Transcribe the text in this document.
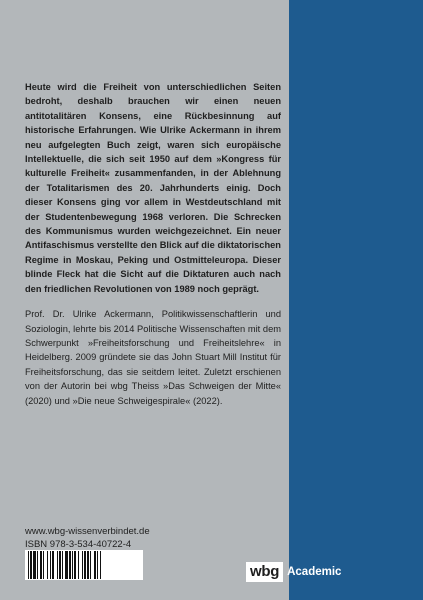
Heute wird die Freiheit von unterschiedlichen Seiten bedroht, deshalb brauchen wir einen neuen antitotalitären Konsens, eine Rückbesinnung auf historische Erfahrungen. Wie Ulrike Ackermann in ihrem neu aufgelegten Buch zeigt, waren sich europäische Intellektuelle, die sich seit 1950 auf dem »Kongress für kulturelle Freiheit« zusammenfanden, in der Ablehnung der Totalitarismen des 20. Jahrhunderts einig. Doch dieser Konsens ging vor allem in Westdeutschland mit der Studentenbewegung 1968 verloren. Die Schrecken des Kommunismus wurden weichgezeichnet. Ein neuer Antifaschismus verstellte den Blick auf die diktatorischen Regime in Moskau, Peking und Ostmitteleuropa. Dieser blinde Fleck hat die Sicht auf die Diktaturen auch nach den friedlichen Revolutionen von 1989 noch geprägt.

Prof. Dr. Ulrike Ackermann, Politikwissenschaftlerin und Soziologin, lehrte bis 2014 Politische Wissenschaften mit dem Schwerpunkt »Freiheitsforschung und Freiheitslehre« in Heidelberg. 2009 gründete sie das John Stuart Mill Institut für Freiheitsforschung, das sie seitdem leitet. Zuletzt erschienen von der Autorin bei wbg Theiss »Das Schweigen der Mitte« (2020) und »Die neue Schweigespirale« (2022).

www.wbg-wissenverbindet.de
ISBN 978-3-534-40722-4
wbg Academic
